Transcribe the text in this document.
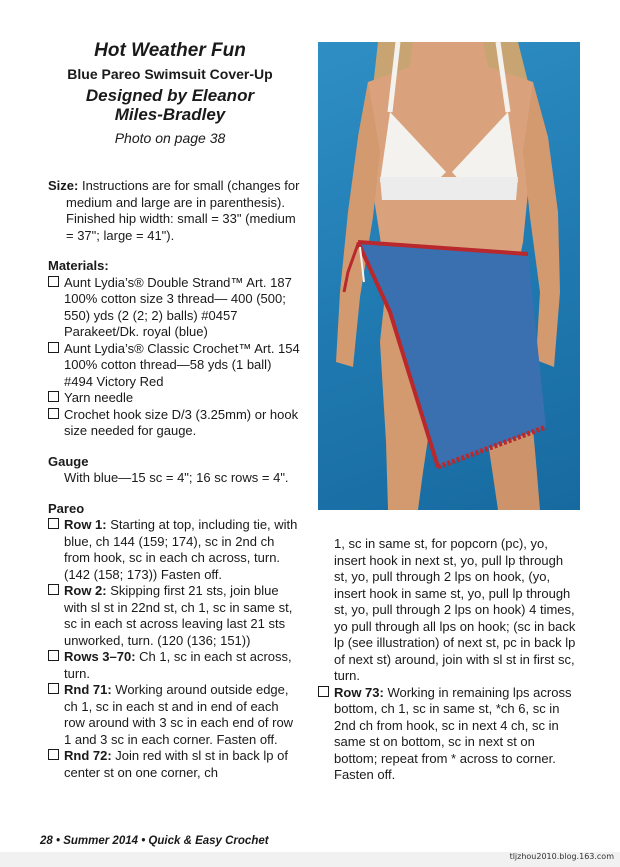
Hot Weather Fun

Blue Pareo Swimsuit Cover-Up

Designed by Eleanor
Miles-Bradley

Photo on page 38

Size: Instructions are for small (changes for medium and large are in parenthesis). Finished hip width: small = 33" (medium = 37"; large = 41").

Materials:

Aunt Lydia’s® Double Strand™ Art. 187 100% cotton size 3 thread— 400 (500; 550) yds (2 (2; 2) balls) #0457 Parakeet/Dk. royal (blue)

Aunt Lydia’s® Classic Crochet™ Art. 154 100% cotton thread—58 yds (1 ball) #494 Victory Red

Yarn needle

Crochet hook size D/3 (3.25mm) or hook size needed for gauge.

Gauge

With blue—15 sc = 4"; 16 sc rows = 4".

Pareo

Row 1: Starting at top, including tie, with blue, ch 144 (159; 174), sc in 2nd ch from hook, sc in each ch across, turn. (142 (158; 173)) Fasten off.

Row 2: Skipping first 21 sts, join blue with sl st in 22nd st, ch 1, sc in same st, sc in each st across leaving last 21 sts unworked, turn. (120 (136; 151))

Rows 3–70: Ch 1, sc in each st across, turn.

Rnd 71: Working around outside edge, ch 1, sc in each st and in end of each row around with 3 sc in each end of row 1 and 3 sc in each corner. Fasten off.

Rnd 72: Join red with sl st in back lp of center st on one corner, ch

1, sc in same st, for popcorn (pc), yo, insert hook in next st, yo, pull lp through st, yo, pull through 2 lps on hook, (yo, insert hook in same st, yo, pull lp through st, yo, pull through 2 lps on hook) 4 times, yo pull through all lps on hook; (sc in back lp (see illustration) of next st, pc in back lp of next st) around, join with sl st in first sc, turn.

Row 73: Working in remaining lps across bottom, ch 1, sc in same st, *ch 6, sc in 2nd ch from hook, sc in next 4 ch, sc in same st on bottom, sc in next st on bottom; repeat from * across to corner. Fasten off.

28 • Summer 2014 • Quick & Easy Crochet
tljzhou2010.blog.163.com
